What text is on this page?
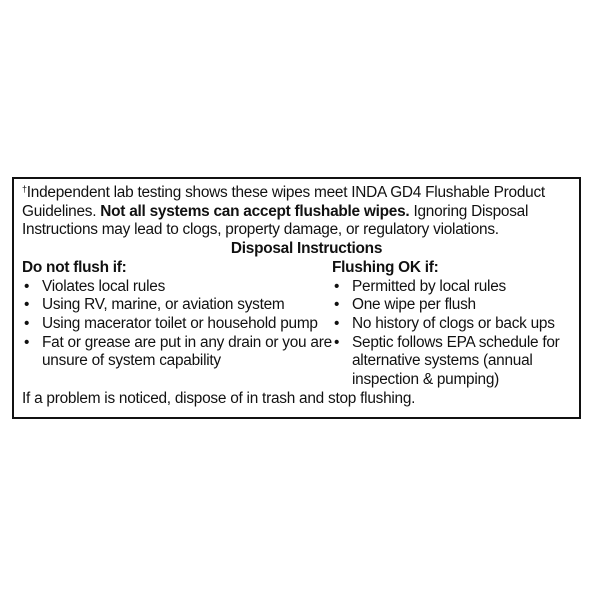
†Independent lab testing shows these wipes meet INDA GD4 Flushable Product Guidelines. Not all systems can accept flushable wipes. Ignoring Disposal Instructions may lead to clogs, property damage, or regulatory violations.

Disposal Instructions

Do not flush if:

• Violates local rules
• Using RV, marine, or aviation system
• Using macerator toilet or household pump
• Fat or grease are put in any drain or you are unsure of system capability

Flushing OK if:

• Permitted by local rules
• One wipe per flush
• No history of clogs or back ups
• Septic follows EPA schedule for alternative systems (annual inspection & pumping)

If a problem is noticed, dispose of in trash and stop flushing.
